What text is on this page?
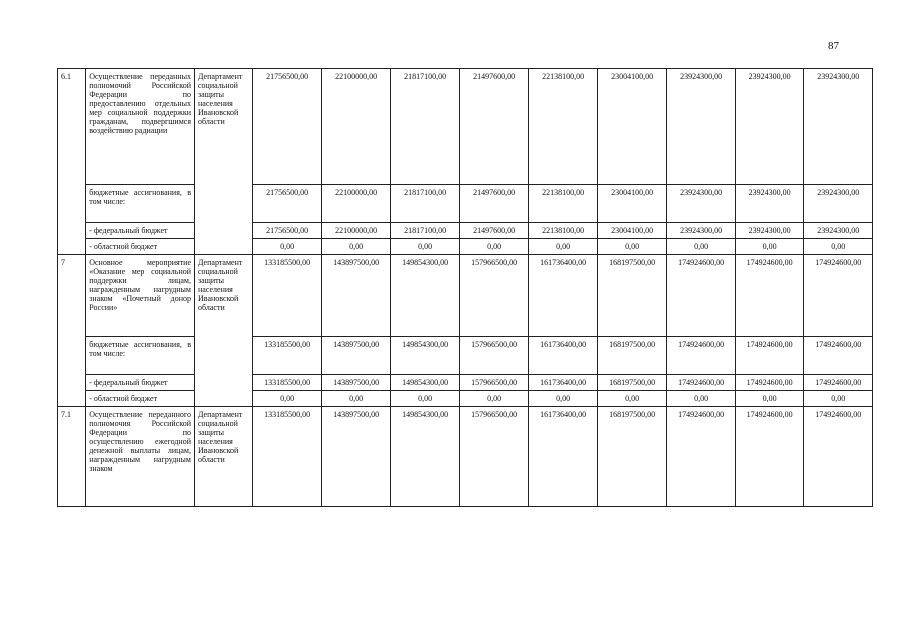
87
6.1	Осуществление переданных полномочий Российской Федерации по предоставлению отдельных мер социальной поддержки гражданам, подвергшимся воздействию радиации	Департамент социальной защиты населения Ивановской области	21756500,00	22100000,00	21817100,00	21497600,00	22138100,00	23004100,00	23924300,00	23924300,00	23924300,00
	бюджетные ассигнования, в том числе:		21756500,00	22100000,00	21817100,00	21497600,00	22138100,00	23004100,00	23924300,00	23924300,00	23924300,00
	- федеральный бюджет		21756500,00	22100000,00	21817100,00	21497600,00	22138100,00	23004100,00	23924300,00	23924300,00	23924300,00
	- областной бюджет		0,00	0,00	0,00	0,00	0,00	0,00	0,00	0,00	0,00
7	Основное мероприятие «Оказание мер социальной поддержки лицам, награжденным нагрудным знаком «Почетный донор России»	Департамент социальной защиты населения Ивановской области	133185500,00	143897500,00	149854300,00	157966500,00	161736400,00	168197500,00	174924600,00	174924600,00	174924600,00
	бюджетные ассигнования, в том числе:		133185500,00	143897500,00	149854300,00	157966500,00	161736400,00	168197500,00	174924600,00	174924600,00	174924600,00
	- федеральный бюджет		133185500,00	143897500,00	149854300,00	157966500,00	161736400,00	168197500,00	174924600,00	174924600,00	174924600,00
	- областной бюджет		0,00	0,00	0,00	0,00	0,00	0,00	0,00	0,00	0,00
7.1	Осуществление переданного полномочия Российской Федерации по осуществлению ежегодной денежной выплаты лицам, награжденным нагрудным знаком	Департамент социальной защиты населения Ивановской области	133185500,00	143897500,00	149854300,00	157966500,00	161736400,00	168197500,00	174924600,00	174924600,00	174924600,00
